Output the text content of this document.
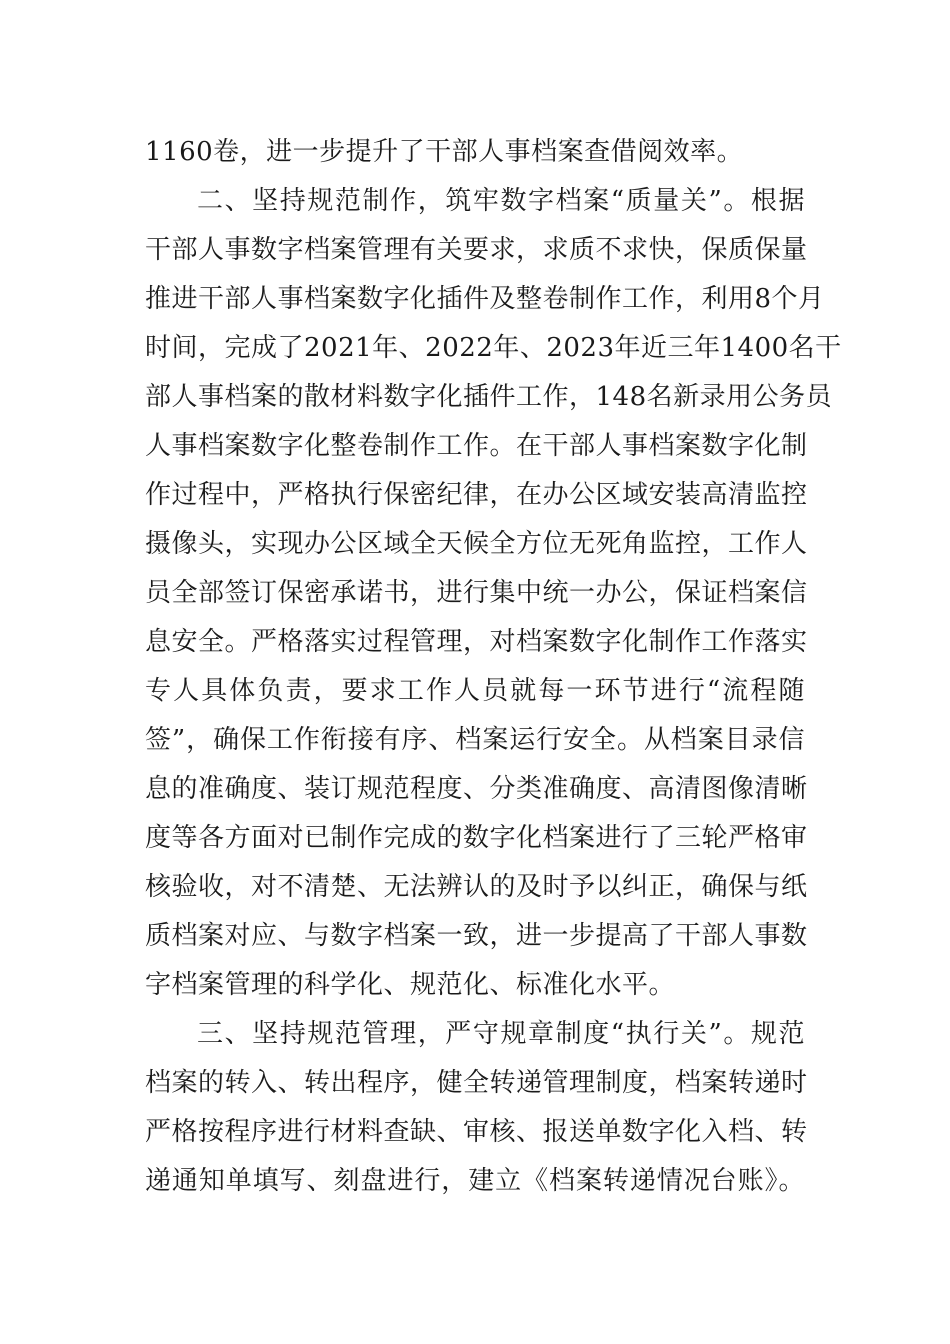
1160卷，进一步提升了干部人事档案查借阅效率。
二、坚持规范制作，筑牢数字档案“质量关”。根据
干部人事数字档案管理有关要求，求质不求快，保质保量
推进干部人事档案数字化插件及整卷制作工作，利用8个月
时间，完成了2021年、2022年、2023年近三年1400名干
部人事档案的散材料数字化插件工作，148名新录用公务员
人事档案数字化整卷制作工作。在干部人事档案数字化制
作过程中，严格执行保密纪律，在办公区域安装高清监控
摄像头，实现办公区域全天候全方位无死角监控，工作人
员全部签订保密承诺书，进行集中统一办公，保证档案信
息安全。严格落实过程管理，对档案数字化制作工作落实
专人具体负责，要求工作人员就每一环节进行“流程随
签”，确保工作衔接有序、档案运行安全。从档案目录信
息的准确度、装订规范程度、分类准确度、高清图像清晰
度等各方面对已制作完成的数字化档案进行了三轮严格审
核验收，对不清楚、无法辨认的及时予以纠正，确保与纸
质档案对应、与数字档案一致，进一步提高了干部人事数
字档案管理的科学化、规范化、标准化水平。
三、坚持规范管理，严守规章制度“执行关”。规范
档案的转入、转出程序，健全转递管理制度，档案转递时
严格按程序进行材料查缺、审核、报送单数字化入档、转
递通知单填写、刻盘进行，建立《档案转递情况台账》。
